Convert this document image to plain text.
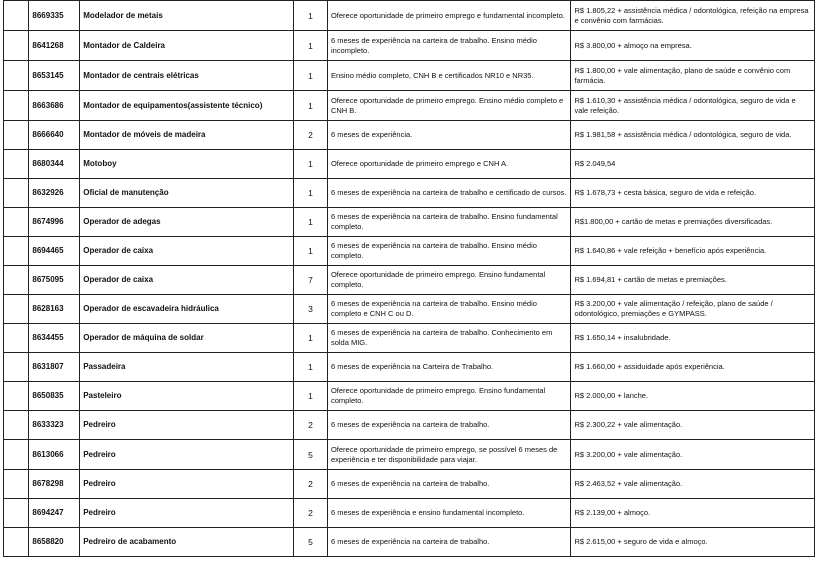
	8669335	Modelador de metais	1	Oferece oportunidade de primeiro emprego e fundamental incompleto.	R$ 1.805,22 + assistência médica / odontológica, refeição na empresa e convênio com farmácias.
	8641268	Montador de Caldeira	1	6 meses de experiência na carteira de trabalho. Ensino médio incompleto.	R$ 3.800,00 + almoço na empresa.
	8653145	Montador de centrais elétricas	1	Ensino médio completo, CNH B e certificados NR10 e NR35.	R$ 1.800,00 + vale alimentação, plano de saúde e convênio com farmácia.
	8663686	Montador de equipamentos(assistente técnico)	1	Oferece oportunidade de primeiro emprego. Ensino médio completo e CNH B.	R$ 1.610,30 + assistência médica / odontológica, seguro de vida e vale refeição.
	8666640	Montador de móveis de madeira	2	6 meses de experiência.	R$ 1.981,58 + assistência médica / odontológica, seguro de vida.
	8680344	Motoboy	1	Oferece oportunidade de primeiro emprego e CNH A.	R$ 2.049,54
	8632926	Oficial de manutenção	1	6 meses de experiência na carteira de trabalho e certificado de cursos.	R$ 1.678,73 + cesta básica, seguro de vida e refeição.
	8674996	Operador de adegas	1	6 meses de experiência na carteira de trabalho. Ensino fundamental completo.	R$1.800,00 + cartão de metas e premiações diversificadas.
	8694465	Operador de caixa	1	6 meses de experiência na carteira de trabalho. Ensino médio completo.	R$ 1.640,86 + vale refeição + benefício após experiência.
	8675095	Operador de caixa	7	Oferece oportunidade de primeiro emprego. Ensino fundamental completo.	R$ 1.694,81 + cartão de metas e premiações.
	8628163	Operador de escavadeira hidráulica	3	6 meses de experiência na carteira de trabalho. Ensino médio completo e CNH C ou D.	R$ 3.200,00 + vale alimentação / refeição, plano de saúde / odontológico, premiações e GYMPASS.
	8634455	Operador de máquina de soldar	1	6 meses de experiência na carteira de trabalho. Conhecimento em solda MIG.	R$ 1.650,14 + insalubridade.
	8631807	Passadeira	1	6 meses de experiência na Carteira de Trabalho.	R$ 1.660,00 + assiduidade após experiência.
	8650835	Pasteleiro	1	Oferece oportunidade de primeiro emprego. Ensino fundamental completo.	R$ 2.000,00 + lanche.
	8633323	Pedreiro	2	6 meses de experiência na carteira de trabalho.	R$ 2.300,22 + vale alimentação.
	8613066	Pedreiro	5	Oferece oportunidade de primeiro emprego, se possível 6 meses de experiência e ter disponibilidade para viajar.	R$ 3.200,00 + vale alimentação.
	8678298	Pedreiro	2	6 meses de experiência na carteira de trabalho.	R$ 2.463,52 + vale alimentação.
	8694247	Pedreiro	2	6 meses de experiência e ensino fundamental incompleto.	R$ 2.139,00 + almoço.
	8658820	Pedreiro de acabamento	5	6 meses de experiência na carteira de trabalho.	R$ 2.615,00 + seguro de vida e almoço.
